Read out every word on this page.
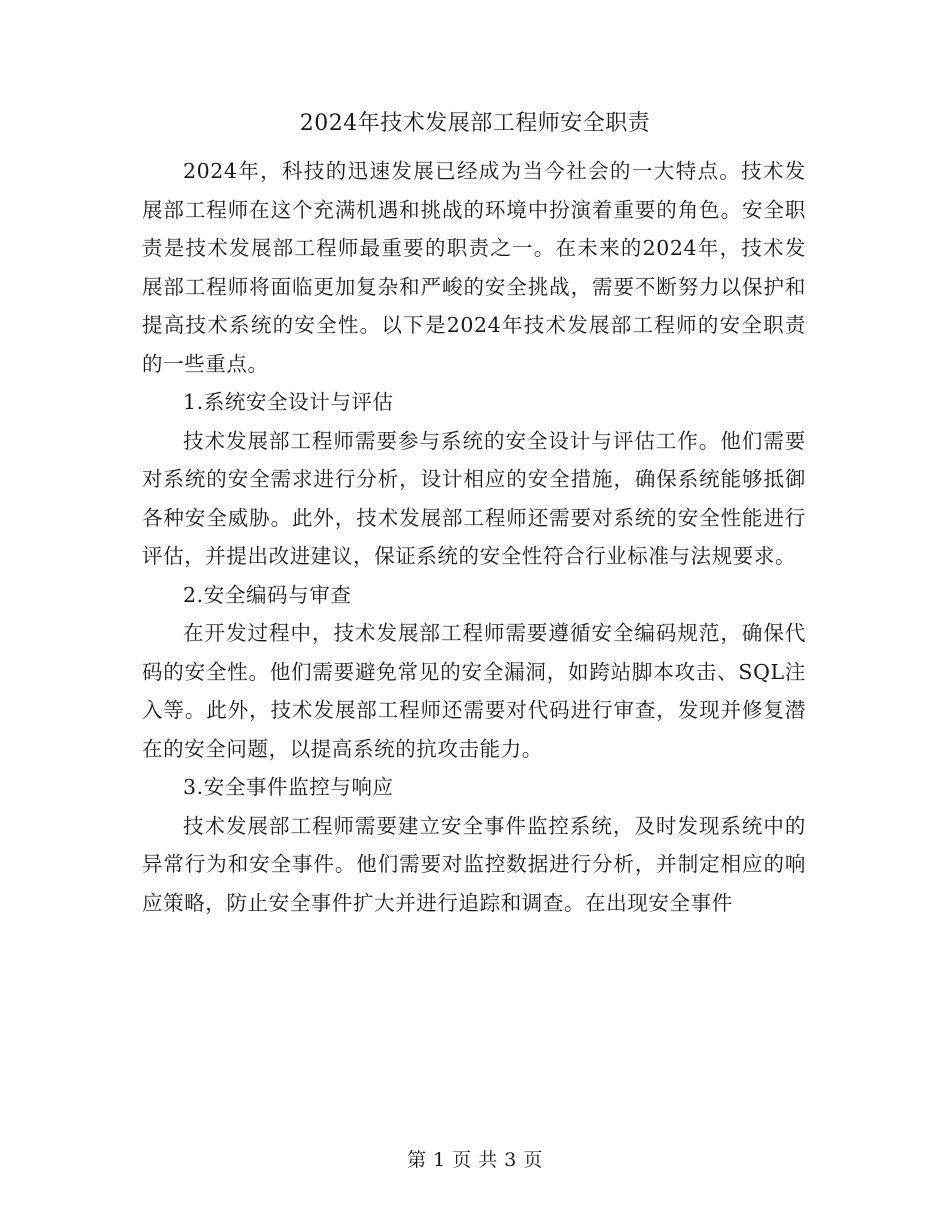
2024年技术发展部工程师安全职责

2024年，科技的迅速发展已经成为当今社会的一大特点。技术发展部工程师在这个充满机遇和挑战的环境中扮演着重要的角色。安全职责是技术发展部工程师最重要的职责之一。在未来的2024年，技术发展部工程师将面临更加复杂和严峻的安全挑战，需要不断努力以保护和提高技术系统的安全性。以下是2024年技术发展部工程师的安全职责的一些重点。

1.系统安全设计与评估

技术发展部工程师需要参与系统的安全设计与评估工作。他们需要对系统的安全需求进行分析，设计相应的安全措施，确保系统能够抵御各种安全威胁。此外，技术发展部工程师还需要对系统的安全性能进行评估，并提出改进建议，保证系统的安全性符合行业标准与法规要求。

2.安全编码与审查

在开发过程中，技术发展部工程师需要遵循安全编码规范，确保代码的安全性。他们需要避免常见的安全漏洞，如跨站脚本攻击、SQL注入等。此外，技术发展部工程师还需要对代码进行审查，发现并修复潜在的安全问题，以提高系统的抗攻击能力。

3.安全事件监控与响应

技术发展部工程师需要建立安全事件监控系统，及时发现系统中的异常行为和安全事件。他们需要对监控数据进行分析，并制定相应的响应策略，防止安全事件扩大并进行追踪和调查。在出现安全事件

第 1 页 共 3 页
